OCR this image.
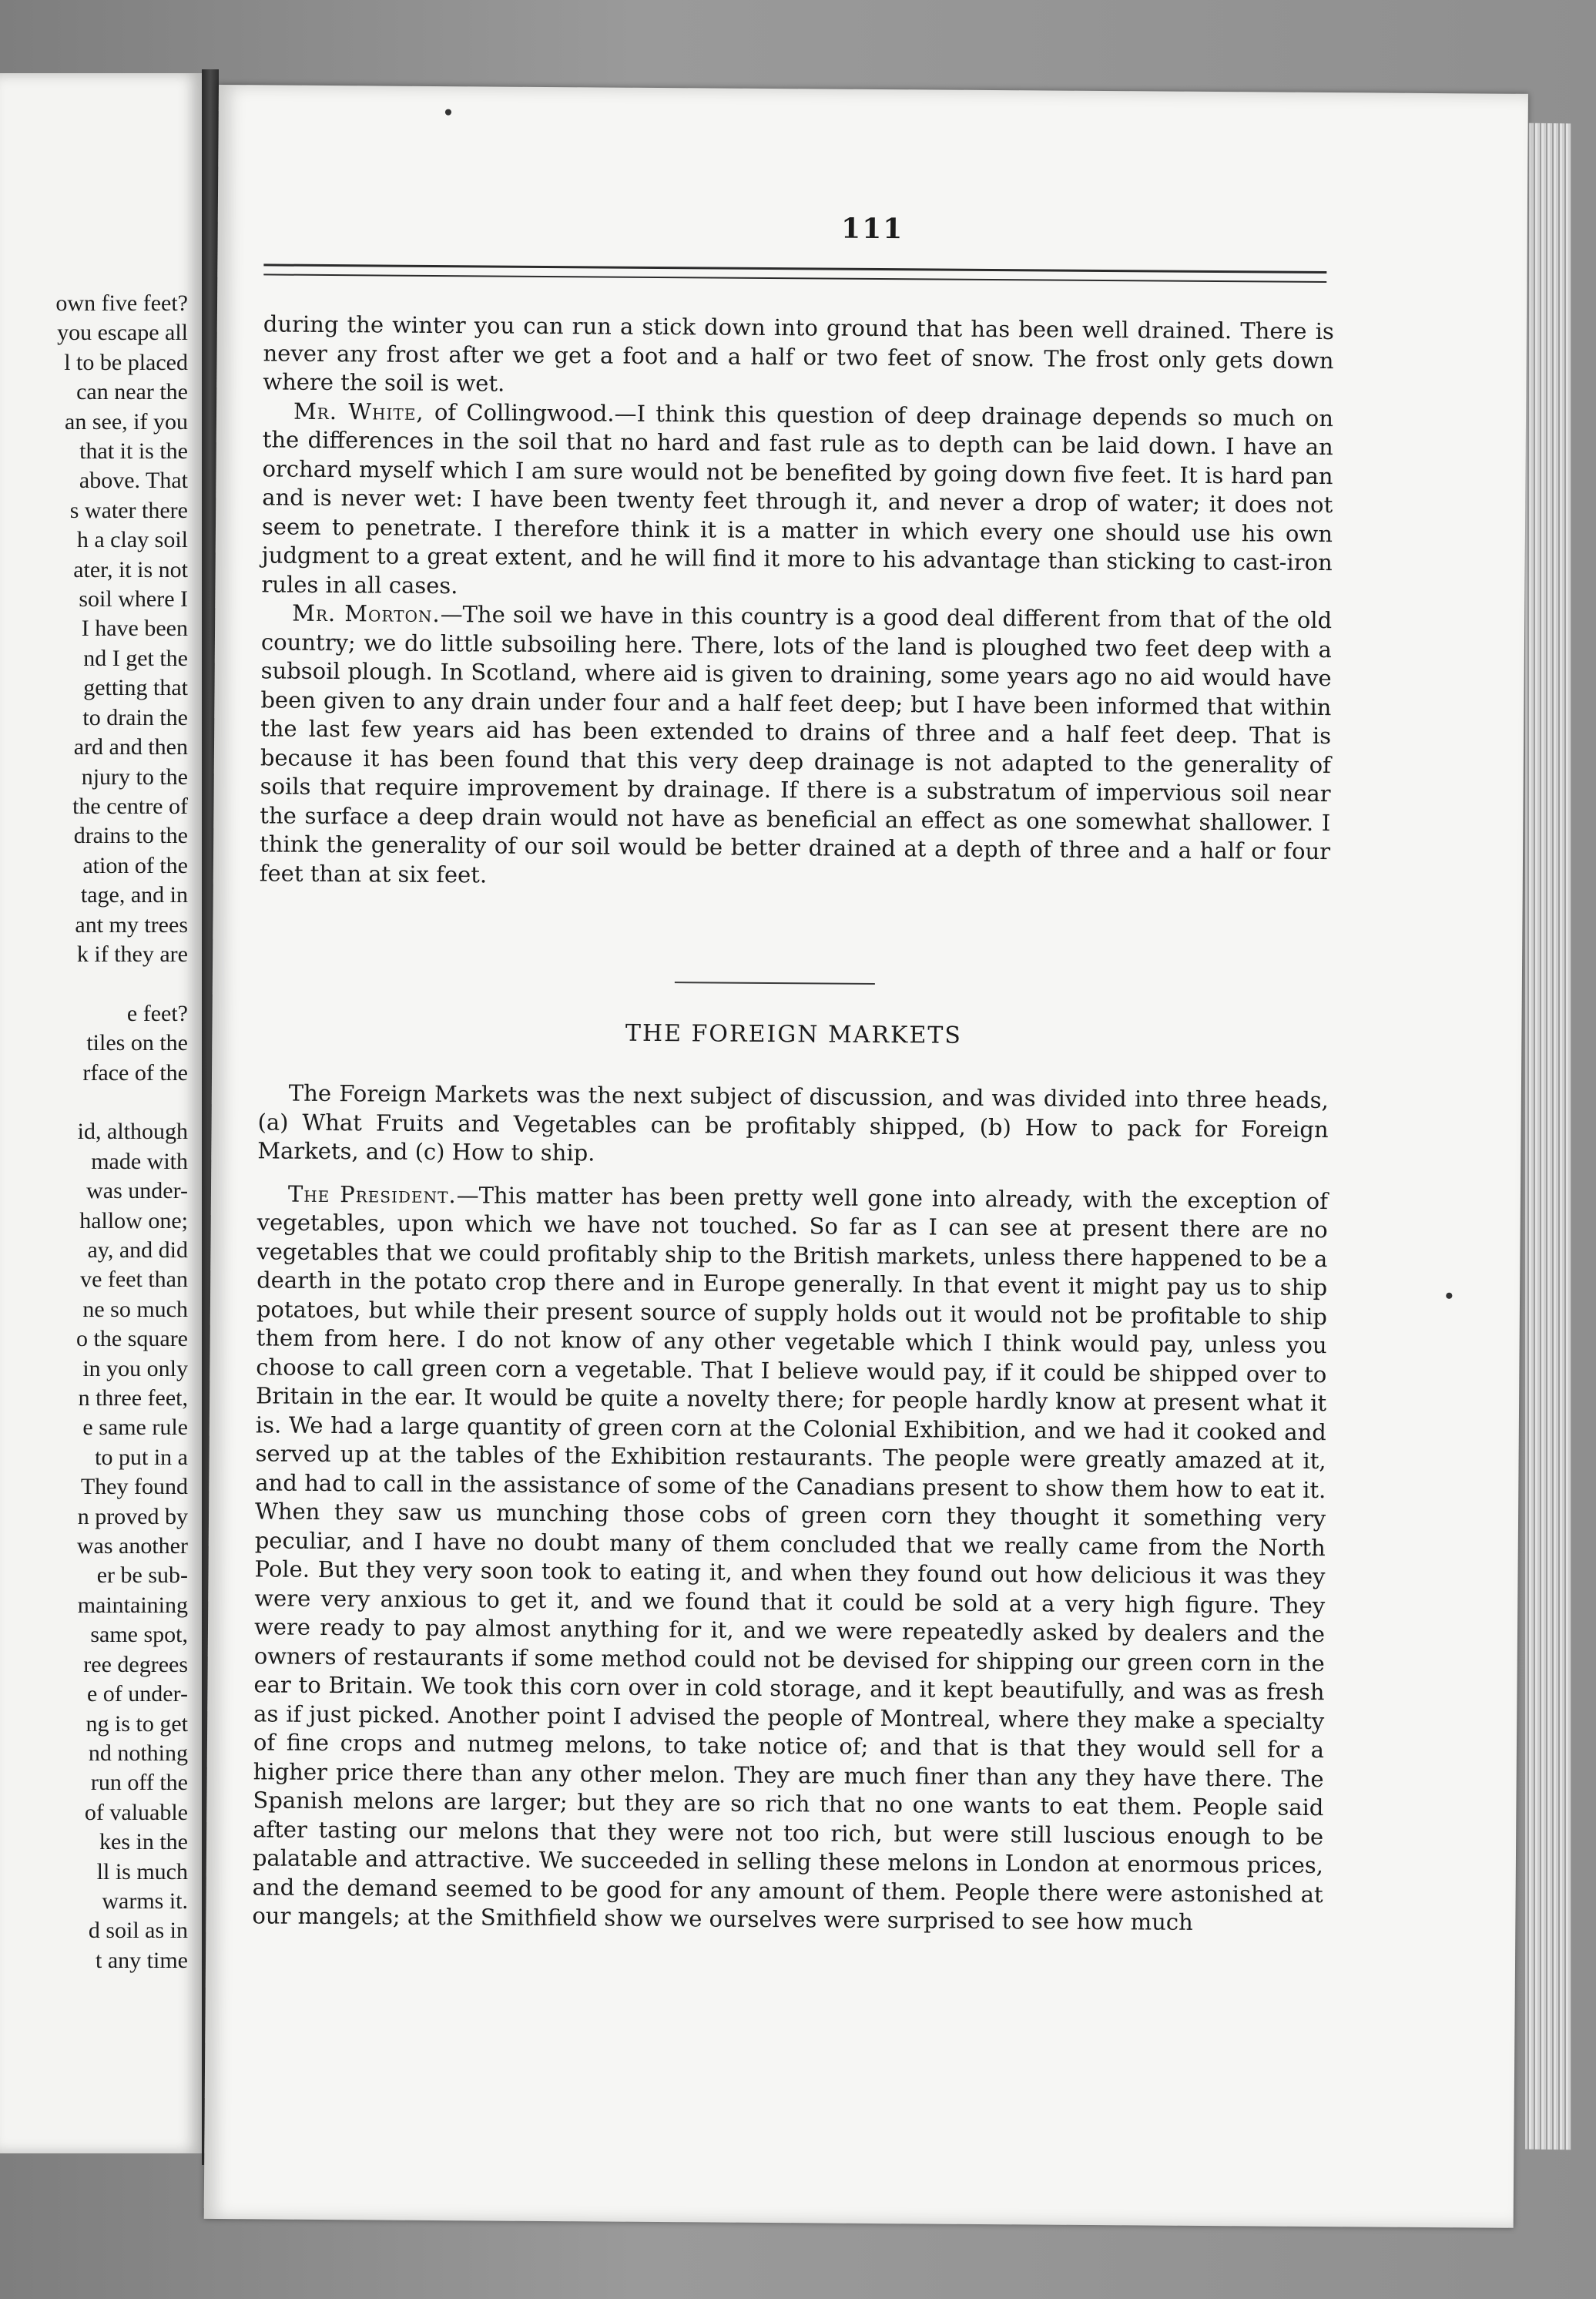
own five feet?
you escape all
l to be placed
can near the
an see, if you
that it is the
above. That
s water there
h a clay soil
ater, it is not
soil where I
I have been
nd I get the
getting that
to drain the
ard and then
njury to the
the centre of
drains to the
ation of the
tage, and in
ant my trees
k if they are

e feet?
tiles on the
rface of the

id, although
made with
was under-
hallow one;
ay, and did
ve feet than
ne so much
o the square
in you only
n three feet,
e same rule
to put in a
They found
n proved by
was another
er be sub-
maintaining
same spot,
ree degrees
e of under-
ng is to get
nd nothing
run off the
of valuable
kes in the
ll is much
warms it.
d soil as in
t any time
111

during the winter you can run a stick down into ground that has been well drained. There is never any frost after we get a foot and a half or two feet of snow. The frost only gets down where the soil is wet.

Mr. White, of Collingwood.—I think this question of deep drainage depends so much on the differences in the soil that no hard and fast rule as to depth can be laid down. I have an orchard myself which I am sure would not be benefited by going down five feet. It is hard pan and is never wet: I have been twenty feet through it, and never a drop of water; it does not seem to penetrate. I therefore think it is a matter in which every one should use his own judgment to a great extent, and he will find it more to his advantage than sticking to cast-iron rules in all cases.

Mr. Morton.—The soil we have in this country is a good deal different from that of the old country; we do little subsoiling here. There, lots of the land is ploughed two feet deep with a subsoil plough. In Scotland, where aid is given to draining, some years ago no aid would have been given to any drain under four and a half feet deep; but I have been informed that within the last few years aid has been extended to drains of three and a half feet deep. That is because it has been found that this very deep drainage is not adapted to the generality of soils that require improvement by drainage. If there is a substratum of impervious soil near the surface a deep drain would not have as beneficial an effect as one somewhat shallower. I think the generality of our soil would be better drained at a depth of three and a half or four feet than at six feet.

THE FOREIGN MARKETS

The Foreign Markets was the next subject of discussion, and was divided into three heads, (a) What Fruits and Vegetables can be profitably shipped, (b) How to pack for Foreign Markets, and (c) How to ship.

The President.—This matter has been pretty well gone into already, with the exception of vegetables, upon which we have not touched. So far as I can see at present there are no vegetables that we could profitably ship to the British markets, unless there happened to be a dearth in the potato crop there and in Europe generally. In that event it might pay us to ship potatoes, but while their present source of supply holds out it would not be profitable to ship them from here. I do not know of any other vegetable which I think would pay, unless you choose to call green corn a vegetable. That I believe would pay, if it could be shipped over to Britain in the ear. It would be quite a novelty there; for people hardly know at present what it is. We had a large quantity of green corn at the Colonial Exhibition, and we had it cooked and served up at the tables of the Exhibition restaurants. The people were greatly amazed at it, and had to call in the assistance of some of the Canadians present to show them how to eat it. When they saw us munching those cobs of green corn they thought it something very peculiar, and I have no doubt many of them concluded that we really came from the North Pole. But they very soon took to eating it, and when they found out how delicious it was they were very anxious to get it, and we found that it could be sold at a very high figure. They were ready to pay almost anything for it, and we were repeatedly asked by dealers and the owners of restaurants if some method could not be devised for shipping our green corn in the ear to Britain. We took this corn over in cold storage, and it kept beautifully, and was as fresh as if just picked. Another point I advised the people of Montreal, where they make a specialty of fine crops and nutmeg melons, to take notice of; and that is that they would sell for a higher price there than any other melon. They are much finer than any they have there. The Spanish melons are larger; but they are so rich that no one wants to eat them. People said after tasting our melons that they were not too rich, but were still luscious enough to be palatable and attractive. We succeeded in selling these melons in London at enormous prices, and the demand seemed to be good for any amount of them. People there were astonished at our mangels; at the Smithfield show we ourselves were surprised to see how much

•
•
